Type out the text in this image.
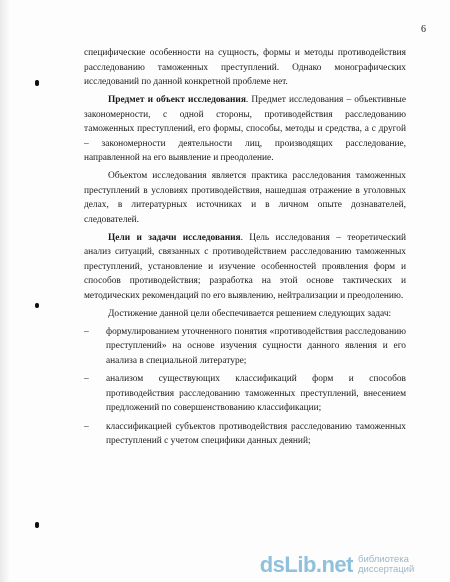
6

специфические особенности на сущность, формы и методы противодействия расследованию таможенных преступлений. Однако монографических исследований по данной конкретной проблеме нет.

Предмет и объект исследования. Предмет исследования – объективные закономерности, с одной стороны, противодействия расследованию таможенных преступлений, его формы, способы, методы и средства, а с другой – закономерности деятельности лиц, производящих расследование, направленной на его выявление и преодоление.

Объектом исследования является практика расследования таможенных преступлений в условиях противодействия, нашедшая отражение в уголовных делах, в литературных источниках и в личном опыте дознавателей, следователей.

Цели и задачи исследования. Цель исследования – теоретический анализ ситуаций, связанных с противодействием расследованию таможенных преступлений, установление и изучение особенностей проявления форм и способов противодействия; разработка на этой основе тактических и методических рекомендаций по его выявлению, нейтрализации и преодолению.

Достижение данной цели обеспечивается решением следующих задач:

– формулированием уточненного понятия «противодействия расследованию преступлений» на основе изучения сущности данного явления и его анализа в специальной литературе;
– анализом существующих классификаций форм и способов противодействия расследованию таможенных преступлений, внесением предложений по совершенствованию классификации;
– классификацией субъектов противодействия расследованию таможенных преступлений с учетом специфики данных деяний;
dsLib.net библиотека диссертаций
